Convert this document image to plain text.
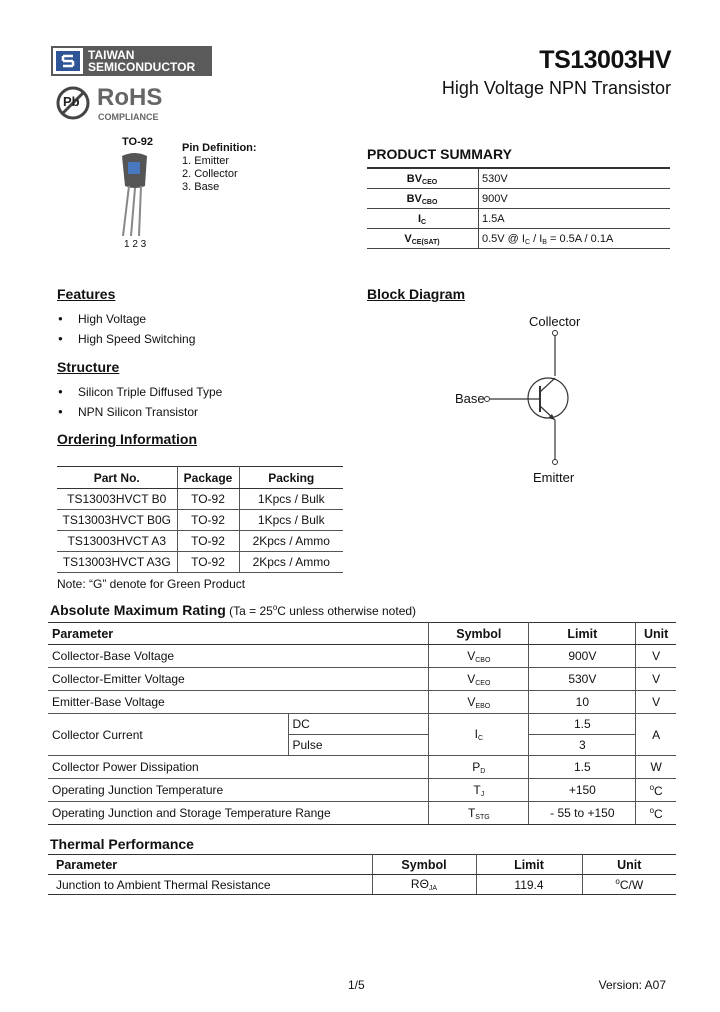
TAIWAN
SEMICONDUCTOR
Pb RoHS
COMPLIANCE
TS13003HV
High Voltage NPN Transistor
TO-92
1 2 3
Pin Definition:
1. Emitter
2. Collector
3. Base
PRODUCT SUMMARY
$BV_{CEO}$	530V
$BV_{CBO}$	900V
$I_C$	1.5A
$V_{CE(SAT)}$	0.5V @ $I_C / I_B = 0.5A / 0.1A$
Features
● High Voltage
● High Speed Switching
Structure
● Silicon Triple Diffused Type
● NPN Silicon Transistor
Ordering Information
Part No.	Package	Packing
TS13003HVCT B0	TO-92	1Kpcs / Bulk
TS13003HVCT B0G	TO-92	1Kpcs / Bulk
TS13003HVCT A3	TO-92	2Kpcs / Ammo
TS13003HVCT A3G	TO-92	2Kpcs / Ammo
Note: “G” denote for Green Product
Block Diagram
Collector
Base
Emitter
Absolute Maximum Rating ($Ta = 25^oC$ unless otherwise noted)
Parameter		Symbol	Limit	Unit
Collector-Base Voltage		$V_{CBO}$	900V	V
Collector-Emitter Voltage		$V_{CEO}$	530V	V
Emitter-Base Voltage		$V_{EBO}$	10	V
Collector Current	DC	$I_C$	1.5	A
	Pulse		3	
Collector Power Dissipation		$P_D$	1.5	W
Operating Junction Temperature		$T_J$	+150	$^o$C
Operating Junction and Storage Temperature Range		$T_{STG}$	- 55 to +150	$^o$C
Thermal Performance
Parameter	Symbol	Limit	Unit
Junction to Ambient Thermal Resistance	$R\Theta_{JA}$	119.4	$^o$C/W
1/5	Version: A07
